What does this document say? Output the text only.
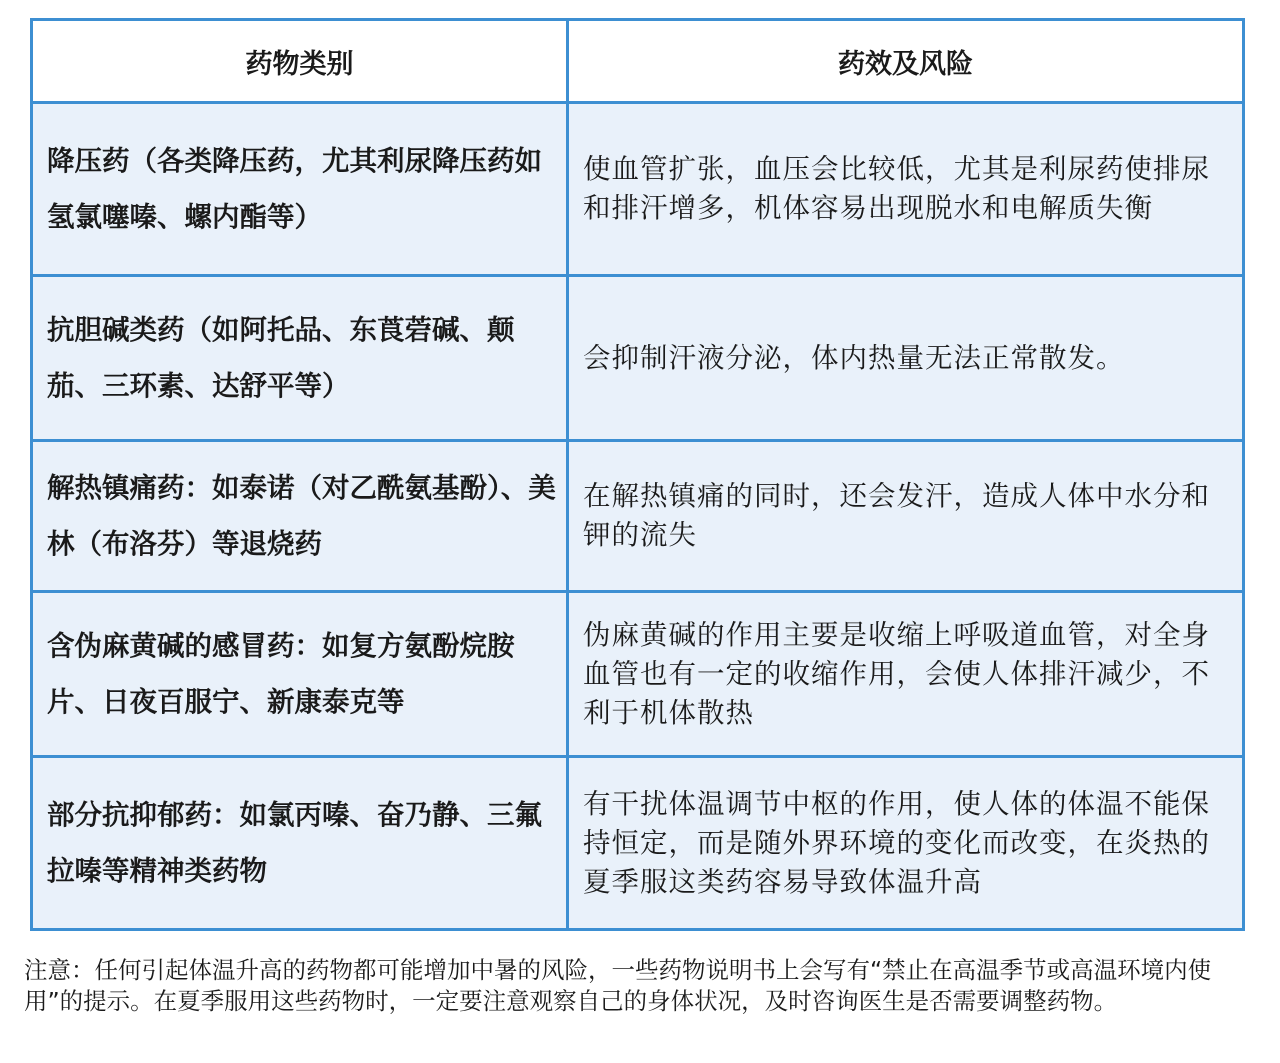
药物类别	药效及风险
降压药（各类降压药，尤其利尿降压药如氢氯噻嗪、螺内酯等）	使血管扩张，血压会比较低，尤其是利尿药使排尿和排汗增多，机体容易出现脱水和电解质失衡
抗胆碱类药（如阿托品、东莨菪碱、颠茄、三环素、达舒平等）	会抑制汗液分泌，体内热量无法正常散发。
解热镇痛药：如泰诺（对乙酰氨基酚）、美林（布洛芬）等退烧药	在解热镇痛的同时，还会发汗，造成人体中水分和钾的流失
含伪麻黄碱的感冒药：如复方氨酚烷胺片、日夜百服宁、新康泰克等	伪麻黄碱的作用主要是收缩上呼吸道血管，对全身血管也有一定的收缩作用，会使人体排汗减少，不利于机体散热
部分抗抑郁药：如氯丙嗪、奋乃静、三氟拉嗪等精神类药物	有干扰体温调节中枢的作用，使人体的体温不能保持恒定，而是随外界环境的变化而改变，在炎热的夏季服这类药容易导致体温升高

注意：任何引起体温升高的药物都可能增加中暑的风险，一些药物说明书上会写有“禁止在高温季节或高温环境内使用”的提示。在夏季服用这些药物时，一定要注意观察自己的身体状况，及时咨询医生是否需要调整药物。
